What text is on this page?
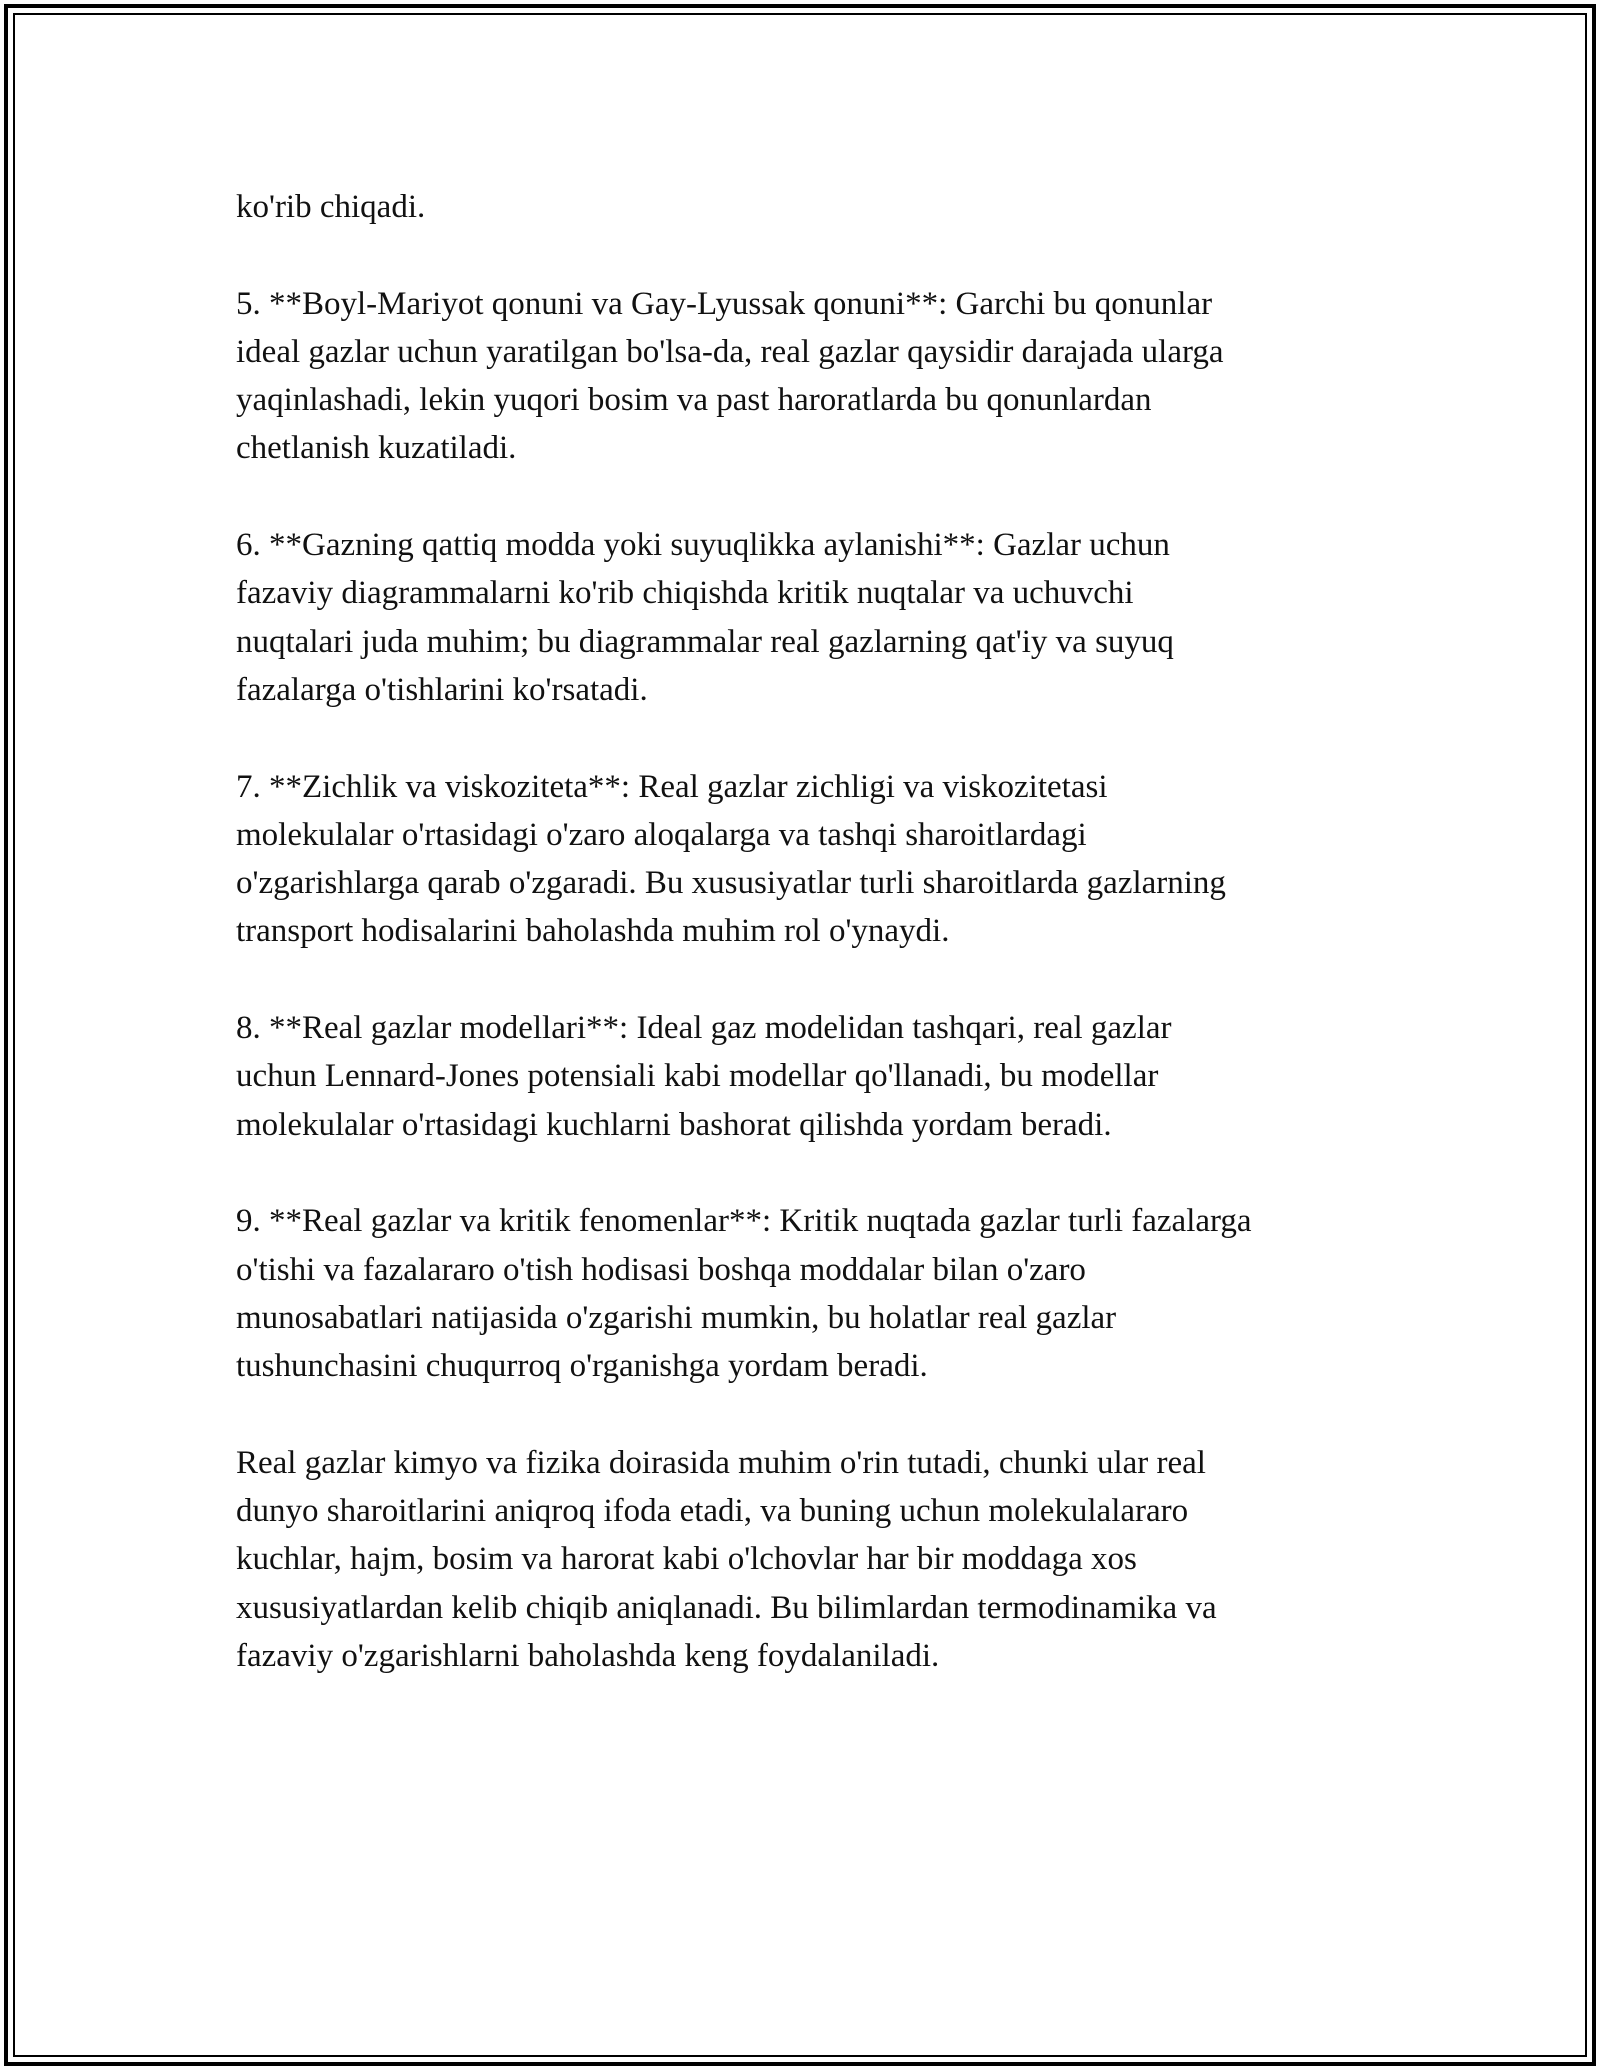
ko'rib chiqadi.

5. **Boyl-Mariyot qonuni va Gay-Lyussak qonuni**: Garchi bu qonunlar
ideal gazlar uchun yaratilgan bo'lsa-da, real gazlar qaysidir darajada ularga
yaqinlashadi, lekin yuqori bosim va past haroratlarda bu qonunlardan
chetlanish kuzatiladi.

6. **Gazning qattiq modda yoki suyuqlikka aylanishi**: Gazlar uchun
fazaviy diagrammalarni ko'rib chiqishda kritik nuqtalar va uchuvchi
nuqtalari juda muhim; bu diagrammalar real gazlarning qat'iy va suyuq
fazalarga o'tishlarini ko'rsatadi.

7. **Zichlik va viskoziteta**: Real gazlar zichligi va viskozitetasi
molekulalar o'rtasidagi o'zaro aloqalarga va tashqi sharoitlardagi
o'zgarishlarga qarab o'zgaradi. Bu xususiyatlar turli sharoitlarda gazlarning
transport hodisalarini baholashda muhim rol o'ynaydi.

8. **Real gazlar modellari**: Ideal gaz modelidan tashqari, real gazlar
uchun Lennard-Jones potensiali kabi modellar qo'llanadi, bu modellar
molekulalar o'rtasidagi kuchlarni bashorat qilishda yordam beradi.

9. **Real gazlar va kritik fenomenlar**: Kritik nuqtada gazlar turli fazalarga
o'tishi va fazalararo o'tish hodisasi boshqa moddalar bilan o'zaro
munosabatlari natijasida o'zgarishi mumkin, bu holatlar real gazlar
tushunchasini chuqurroq o'rganishga yordam beradi.

Real gazlar kimyo va fizika doirasida muhim o'rin tutadi, chunki ular real
dunyo sharoitlarini aniqroq ifoda etadi, va buning uchun molekulalararo
kuchlar, hajm, bosim va harorat kabi o'lchovlar har bir moddaga xos
xususiyatlardan kelib chiqib aniqlanadi. Bu bilimlardan termodinamika va
fazaviy o'zgarishlarni baholashda keng foydalaniladi.
